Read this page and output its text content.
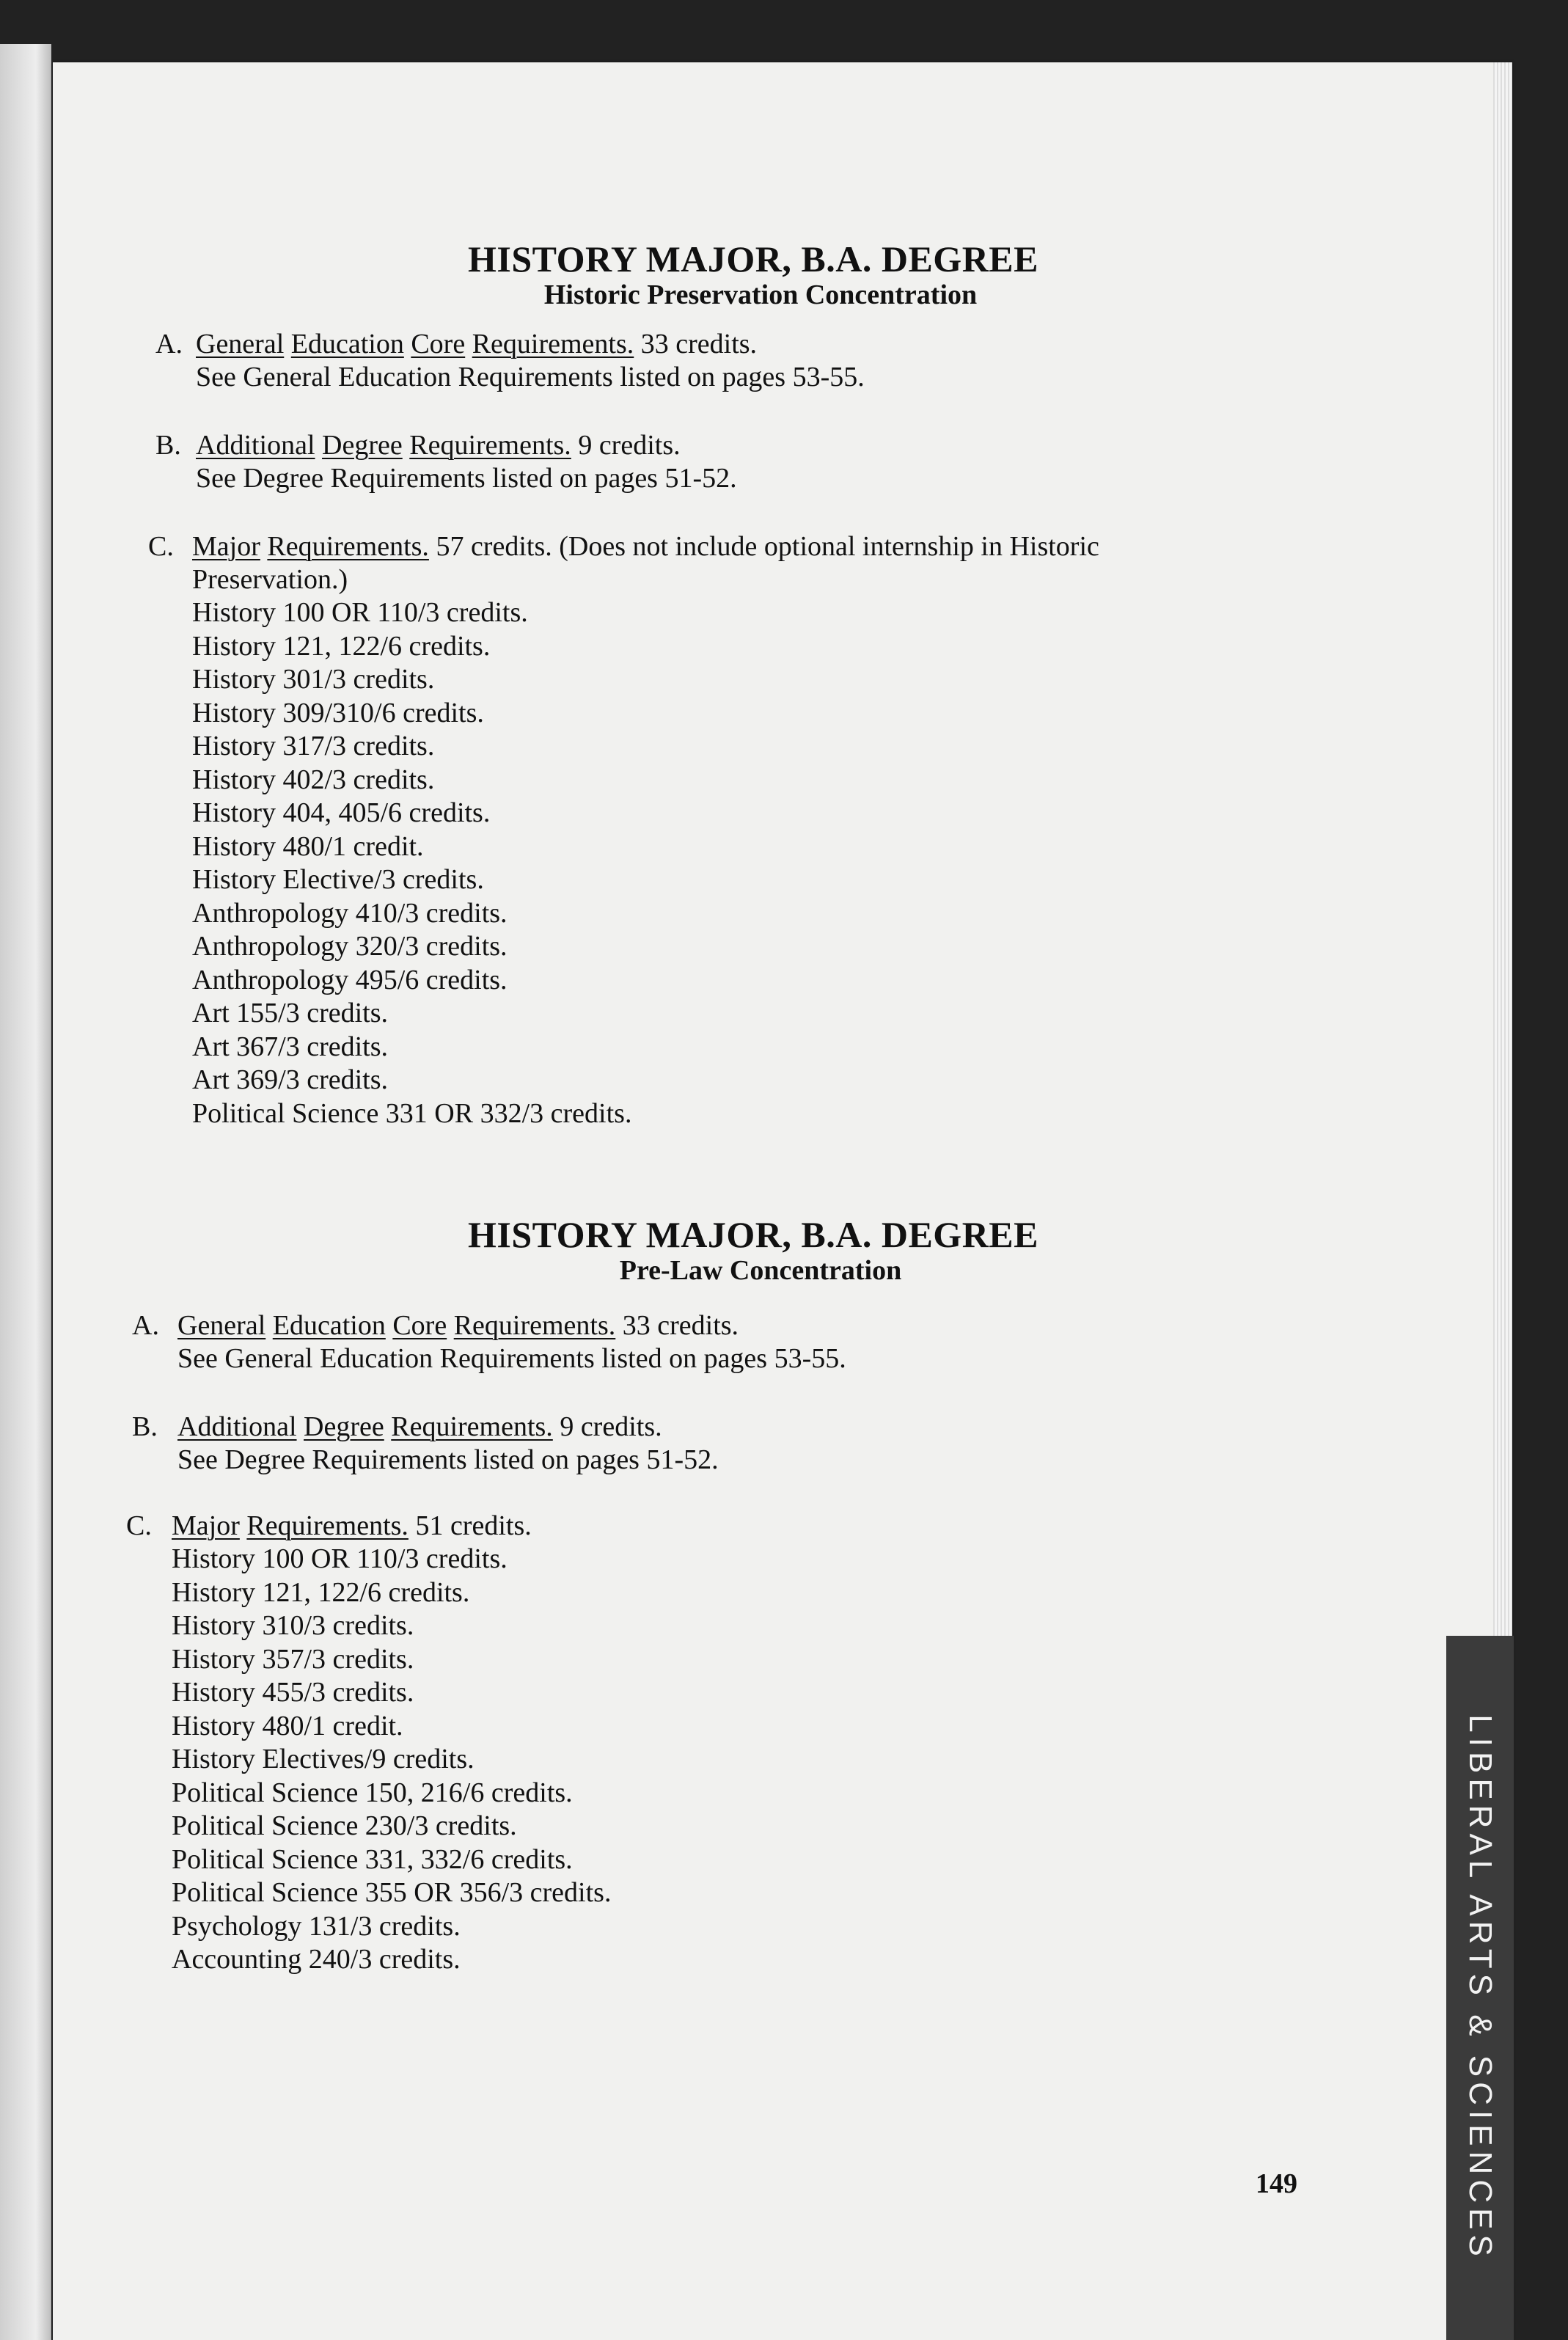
HISTORY MAJOR, B.A. DEGREE
Historic Preservation Concentration
A. General Education Core Requirements. 33 credits.
See General Education Requirements listed on pages 53-55.
B. Additional Degree Requirements. 9 credits.
See Degree Requirements listed on pages 51-52.
C. Major Requirements. 57 credits. (Does not include optional internship in Historic
Preservation.)
History 100 OR 110/3 credits.
History 121, 122/6 credits.
History 301/3 credits.
History 309/310/6 credits.
History 317/3 credits.
History 402/3 credits.
History 404, 405/6 credits.
History 480/1 credit.
History Elective/3 credits.
Anthropology 410/3 credits.
Anthropology 320/3 credits.
Anthropology 495/6 credits.
Art 155/3 credits.
Art 367/3 credits.
Art 369/3 credits.
Political Science 331 OR 332/3 credits.
HISTORY MAJOR, B.A. DEGREE
Pre-Law Concentration
A. General Education Core Requirements. 33 credits.
See General Education Requirements listed on pages 53-55.
B. Additional Degree Requirements. 9 credits.
See Degree Requirements listed on pages 51-52.
C. Major Requirements. 51 credits.
History 100 OR 110/3 credits.
History 121, 122/6 credits.
History 310/3 credits.
History 357/3 credits.
History 455/3 credits.
History 480/1 credit.
History Electives/9 credits.
Political Science 150, 216/6 credits.
Political Science 230/3 credits.
Political Science 331, 332/6 credits.
Political Science 355 OR 356/3 credits.
Psychology 131/3 credits.
Accounting 240/3 credits.	LIBERAL ARTS & SCIENCES
149
